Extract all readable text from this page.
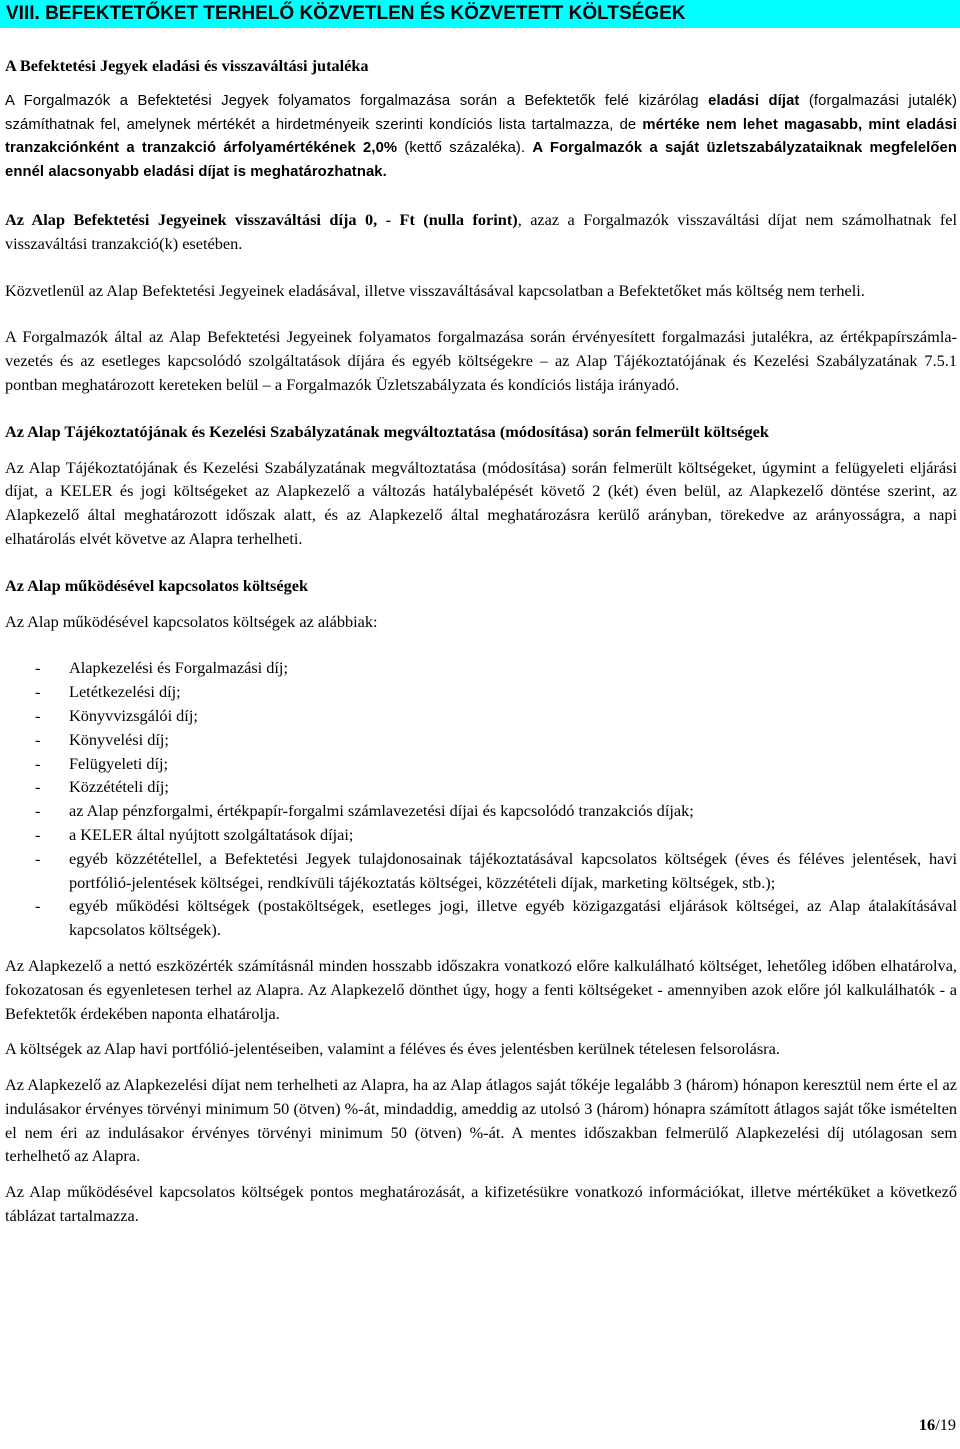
VIII. BEFEKTETŐKET TERHELŐ KÖZVETLEN ÉS KÖZVETETT KÖLTSÉGEK

A Befektetési Jegyek eladási és visszaváltási jutaléka

A Forgalmazók a Befektetési Jegyek folyamatos forgalmazása során a Befektetők felé kizárólag eladási díjat (forgalmazási jutalék) számíthatnak fel, amelynek mértékét a hirdetményeik szerinti kondíciós lista tartalmazza, de mértéke nem lehet magasabb, mint eladási tranzakciónként a tranzakció árfolyamértékének 2,0% (kettő százaléka). A Forgalmazók a saját üzletszabályzataiknak megfelelően ennél alacsonyabb eladási díjat is meghatározhatnak.

Az Alap Befektetési Jegyeinek visszaváltási díja 0, - Ft (nulla forint), azaz a Forgalmazók visszaváltási díjat nem számolhatnak fel visszaváltási tranzakció(k) esetében.

Közvetlenül az Alap Befektetési Jegyeinek eladásával, illetve visszaváltásával kapcsolatban a Befektetőket más költség nem terheli.

A Forgalmazók által az Alap Befektetési Jegyeinek folyamatos forgalmazása során érvényesített forgalmazási jutalékra, az értékpapírszámla-vezetés és az esetleges kapcsolódó szolgáltatások díjára és egyéb költségekre – az Alap Tájékoztatójának és Kezelési Szabályzatának 7.5.1 pontban meghatározott kereteken belül – a Forgalmazók Üzletszabályzata és kondíciós listája irányadó.

Az Alap Tájékoztatójának és Kezelési Szabályzatának megváltoztatása (módosítása) során felmerült költségek

Az Alap Tájékoztatójának és Kezelési Szabályzatának megváltoztatása (módosítása) során felmerült költségeket, úgymint a felügyeleti eljárási díjat, a KELER és jogi költségeket az Alapkezelő a változás hatálybalépését követő 2 (két) éven belül, az Alapkezelő döntése szerint, az Alapkezelő által meghatározott időszak alatt, és az Alapkezelő által meghatározásra kerülő arányban, törekedve az arányosságra, a napi elhatárolás elvét követve az Alapra terhelheti.

Az Alap működésével kapcsolatos költségek

Az Alap működésével kapcsolatos költségek az alábbiak:

- Alapkezelési és Forgalmazási díj;
- Letétkezelési díj;
- Könyvvizsgálói díj;
- Könyvelési díj;
- Felügyeleti díj;
- Közzétételi díj;
- az Alap pénzforgalmi, értékpapír-forgalmi számlavezetési díjai és kapcsolódó tranzakciós díjak;
- a KELER által nyújtott szolgáltatások díjai;
- egyéb közzététellel, a Befektetési Jegyek tulajdonosainak tájékoztatásával kapcsolatos költségek (éves és féléves jelentések, havi portfólió-jelentések költségei, rendkívüli tájékoztatás költségei, közzétételi díjak, marketing költségek, stb.);
- egyéb működési költségek (postaköltségek, esetleges jogi, illetve egyéb közigazgatási eljárások költségei, az Alap átalakításával kapcsolatos költségek).

Az Alapkezelő a nettó eszközérték számításnál minden hosszabb időszakra vonatkozó előre kalkulálható költséget, lehetőleg időben elhatárolva, fokozatosan és egyenletesen terhel az Alapra. Az Alapkezelő dönthet úgy, hogy a fenti költségeket - amennyiben azok előre jól kalkulálhatók - a Befektetők érdekében naponta elhatárolja.

A költségek az Alap havi portfólió-jelentéseiben, valamint a féléves és éves jelentésben kerülnek tételesen felsorolásra.

Az Alapkezelő az Alapkezelési díjat nem terhelheti az Alapra, ha az Alap átlagos saját tőkéje legalább 3 (három) hónapon keresztül nem érte el az indulásakor érvényes törvényi minimum 50 (ötven) %-át, mindaddig, ameddig az utolsó 3 (három) hónapra számított átlagos saját tőke ismételten el nem éri az indulásakor érvényes törvényi minimum 50 (ötven) %-át. A mentes időszakban felmerülő Alapkezelési díj utólagosan sem terhelhető az Alapra.

Az Alap működésével kapcsolatos költségek pontos meghatározását, a kifizetésükre vonatkozó információkat, illetve mértéküket a következő táblázat tartalmazza.

16/19
